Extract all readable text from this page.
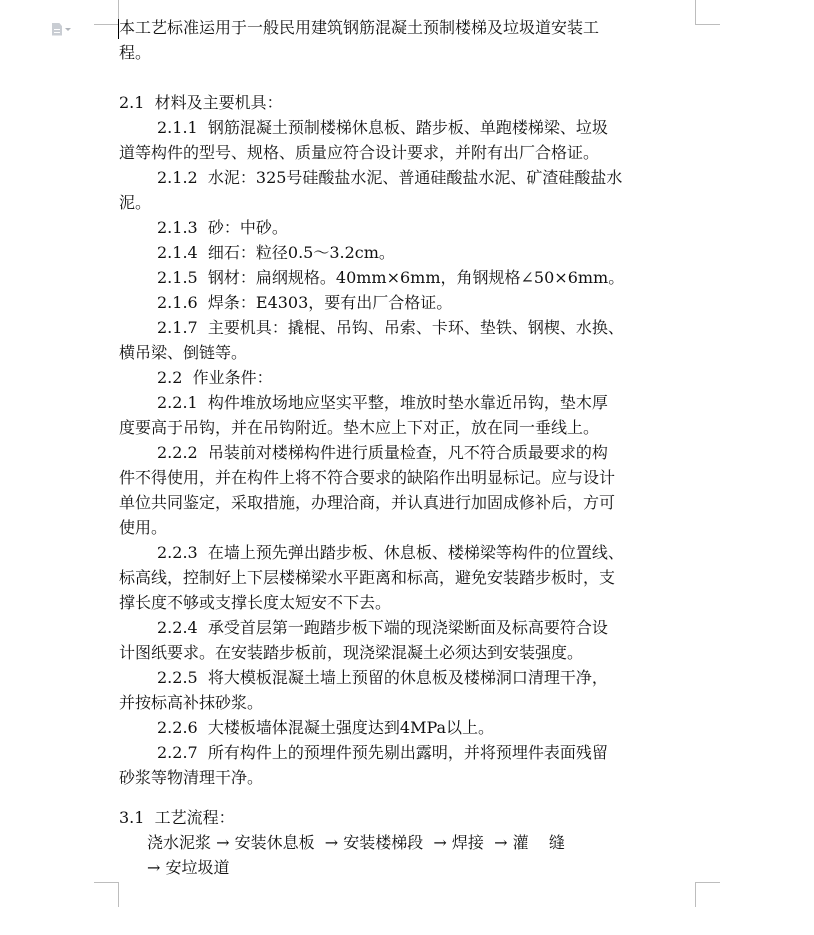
本工艺标准运用于一般民用建筑钢筋混凝土预制楼梯及垃圾道安装工
程。
2.1  材料及主要机具：
2.1.1  钢筋混凝土预制楼梯休息板、踏步板、单跑楼梯梁、垃圾
道等构件的型号、规格、质量应符合设计要求，并附有出厂合格证。
2.1.2  水泥：325号硅酸盐水泥、普通硅酸盐水泥、矿渣硅酸盐水
泥。
2.1.3  砂：中砂。
2.1.4  细石：粒径0.5～3.2cm。
2.1.5  钢材：扁纲规格。40mm×6mm，角钢规格∠50×6mm。
2.1.6  焊条：E4303，要有出厂合格证。
2.1.7  主要机具：撬棍、吊钩、吊索、卡环、垫铁、钢楔、水换、
横吊梁、倒链等。
2.2  作业条件：
2.2.1  构件堆放场地应坚实平整，堆放时垫水靠近吊钩，垫木厚
度要高于吊钩，并在吊钩附近。垫木应上下对正，放在同一垂线上。
2.2.2  吊装前对楼梯构件进行质量检查，凡不符合质最要求的构
件不得使用，并在构件上将不符合要求的缺陷作出明显标记。应与设计
单位共同鉴定，采取措施，办理洽商，并认真进行加固成修补后，方可
使用。
2.2.3  在墙上预先弹出踏步板、休息板、楼梯梁等构件的位置线、
标高线，控制好上下层楼梯梁水平距离和标高，避免安装踏步板时，支
撑长度不够或支撑长度太短安不下去。
2.2.4  承受首层第一跑踏步板下端的现浇梁断面及标高要符合设
计图纸要求。在安装踏步板前，现浇梁混凝土必须达到安装强度。
2.2.5  将大模板混凝土墙上预留的休息板及楼梯洞口清理干净，
并按标高补抹砂浆。
2.2.6  大楼板墙体混凝土强度达到4MPa以上。
2.2.7  所有构件上的预埋件预先剔出露明，并将预埋件表面残留
砂浆等物清理干净。
3.1  工艺流程：
浇水泥浆 → 安装休息板  → 安装楼梯段  → 焊接  → 灌    缝
→ 安垃圾道
